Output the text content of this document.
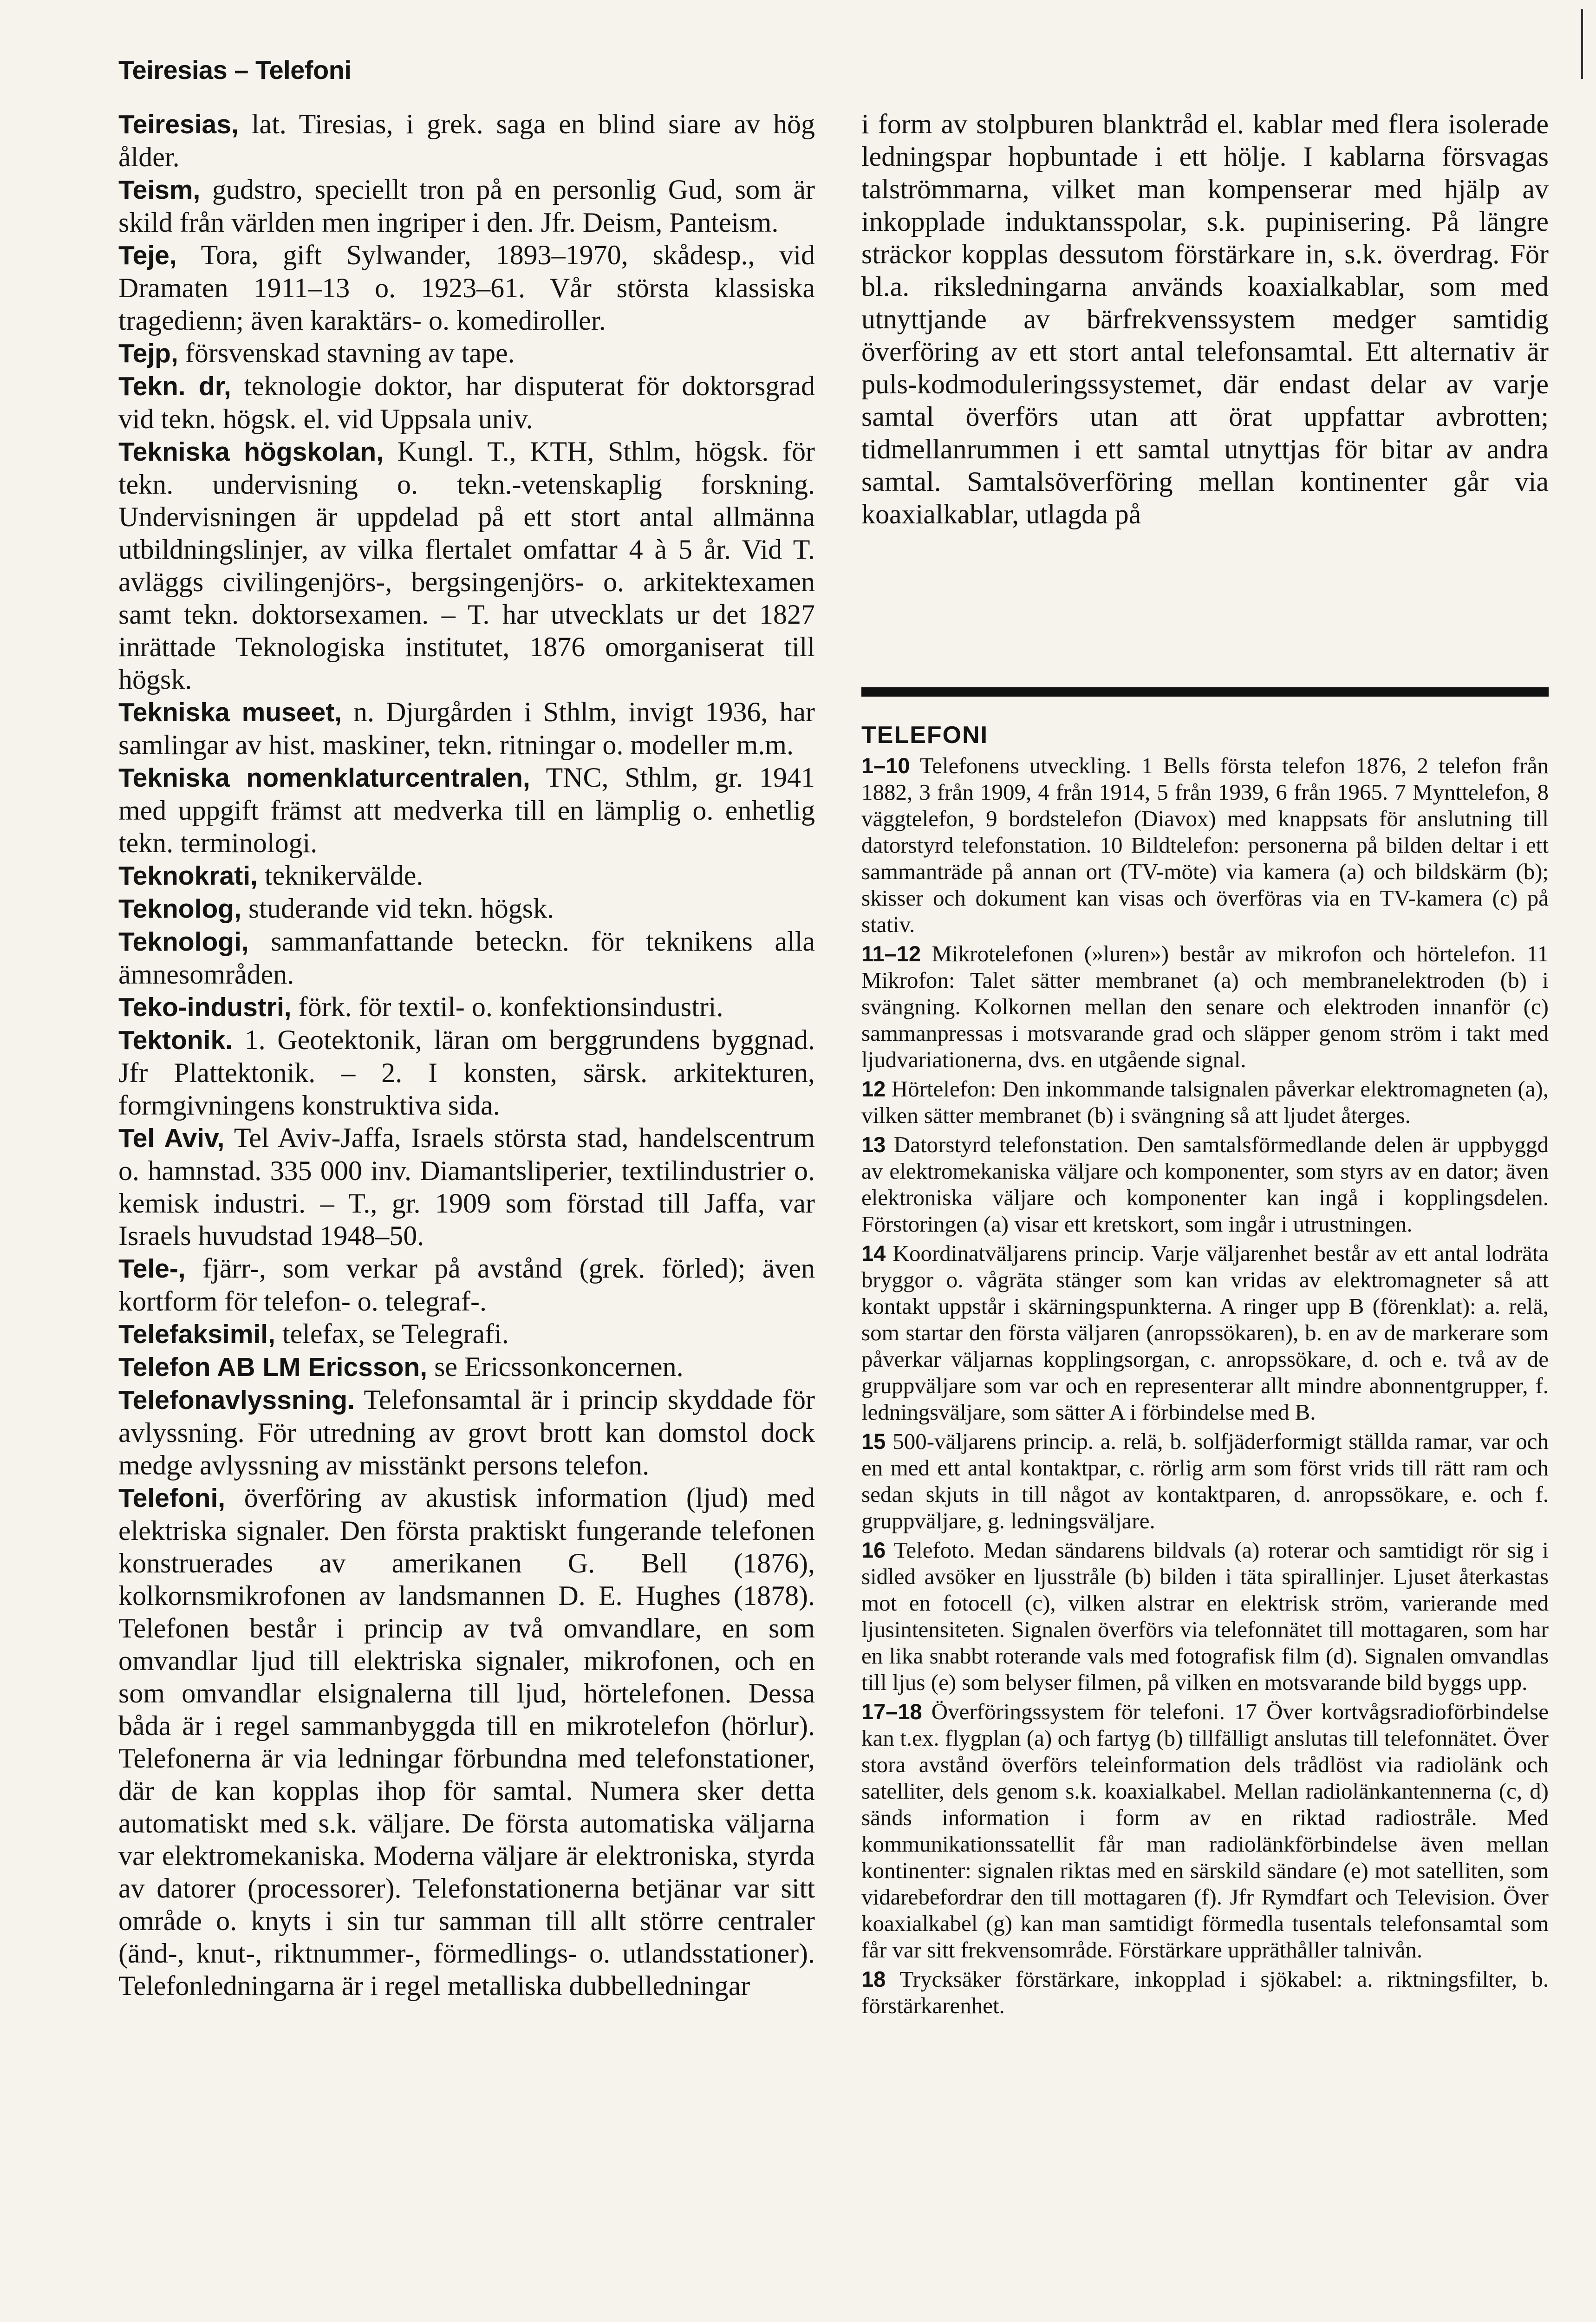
Teiresias – Telefoni

Teiresias, lat. Tiresias, i grek. saga en blind siare av hög ålder.

Teism, gudstro, speciellt tron på en personlig Gud, som är skild från världen men ingriper i den. Jfr. Deism, Panteism.

Teje, Tora, gift Sylwander, 1893–1970, skådesp., vid Dramaten 1911–13 o. 1923–61. Vår största klassiska tragedienn; även karaktärs- o. komediroller.

Tejp, försvenskad stavning av tape.

Tekn. dr, teknologie doktor, har disputerat för doktorsgrad vid tekn. högsk. el. vid Uppsala univ.

Tekniska högskolan, Kungl. T., KTH, Sthlm, högsk. för tekn. undervisning o. tekn.-vetenskaplig forskning. Undervisningen är uppdelad på ett stort antal allmänna utbildningslinjer, av vilka flertalet omfattar 4 à 5 år. Vid T. avläggs civilingenjörs-, bergsingenjörs- o. arkitektexamen samt tekn. doktorsexamen. – T. har utvecklats ur det 1827 inrättade Teknologiska institutet, 1876 omorganiserat till högsk.

Tekniska museet, n. Djurgården i Sthlm, invigt 1936, har samlingar av hist. maskiner, tekn. ritningar o. modeller m.m.

Tekniska nomenklaturcentralen, TNC, Sthlm, gr. 1941 med uppgift främst att medverka till en lämplig o. enhetlig tekn. terminologi.

Teknokrati, teknikervälde.

Teknolog, studerande vid tekn. högsk.

Teknologi, sammanfattande beteckn. för teknikens alla ämnesområden.

Teko-industri, förk. för textil- o. konfektionsindustri.

Tektonik. 1. Geotektonik, läran om berggrundens byggnad. Jfr Plattektonik. – 2. I konsten, särsk. arkitekturen, formgivningens konstruktiva sida.

Tel Aviv, Tel Aviv-Jaffa, Israels största stad, handelscentrum o. hamnstad. 335 000 inv. Diamantsliperier, textilindustrier o. kemisk industri. – T., gr. 1909 som förstad till Jaffa, var Israels huvudstad 1948–50.

Tele-, fjärr-, som verkar på avstånd (grek. förled); även kortform för telefon- o. telegraf-.

Telefaksimil, telefax, se Telegrafi.

Telefon AB LM Ericsson, se Ericssonkoncernen.

Telefonavlyssning. Telefonsamtal är i princip skyddade för avlyssning. För utredning av grovt brott kan domstol dock medge avlyssning av misstänkt persons telefon.

Telefoni, överföring av akustisk information (ljud) med elektriska signaler. Den första praktiskt fungerande telefonen konstruerades av amerikanen G. Bell (1876), kolkornsmikrofonen av landsmannen D. E. Hughes (1878). Telefonen består i princip av två omvandlare, en som omvandlar ljud till elektriska signaler, mikrofonen, och en som omvandlar elsignalerna till ljud, hörtelefonen. Dessa båda är i regel sammanbyggda till en mikrotelefon (hörlur). Telefonerna är via ledningar förbundna med telefonstationer, där de kan kopplas ihop för samtal. Numera sker detta automatiskt med s.k. väljare. De första automatiska väljarna var elektromekaniska. Moderna väljare är elektroniska, styrda av datorer (processorer). Telefonstationerna betjänar var sitt område o. knyts i sin tur samman till allt större centraler (änd-, knut-, riktnummer-, förmedlings- o. utlandsstationer). Telefonledningarna är i regel metalliska dubbelledningar

i form av stolpburen blanktråd el. kablar med flera isolerade ledningspar hopbuntade i ett hölje. I kablarna försvagas talströmmarna, vilket man kompenserar med hjälp av inkopplade induktansspolar, s.k. pupinisering. På längre sträckor kopplas dessutom förstärkare in, s.k. överdrag. För bl.a. riksledningarna används koaxialkablar, som med utnyttjande av bärfrekvenssystem medger samtidig överföring av ett stort antal telefonsamtal. Ett alternativ är puls-kodmoduleringssystemet, där endast delar av varje samtal överförs utan att örat uppfattar avbrotten; tidmellanrummen i ett samtal utnyttjas för bitar av andra samtal. Samtalsöverföring mellan kontinenter går via koaxialkablar, utlagda på

TELEFONI

1–10 Telefonens utveckling. 1 Bells första telefon 1876, 2 telefon från 1882, 3 från 1909, 4 från 1914, 5 från 1939, 6 från 1965. 7 Mynttelefon, 8 väggtelefon, 9 bordstelefon (Diavox) med knappsats för anslutning till datorstyrd telefonstation. 10 Bildtelefon: personerna på bilden deltar i ett sammanträde på annan ort (TV-möte) via kamera (a) och bildskärm (b); skisser och dokument kan visas och överföras via en TV-kamera (c) på stativ.

11–12 Mikrotelefonen (»luren») består av mikrofon och hörtelefon. 11 Mikrofon: Talet sätter membranet (a) och membranelektroden (b) i svängning. Kolkornen mellan den senare och elektroden innanför (c) sammanpressas i motsvarande grad och släpper genom ström i takt med ljudvariationerna, dvs. en utgående signal.

12 Hörtelefon: Den inkommande talsignalen påverkar elektromagneten (a), vilken sätter membranet (b) i svängning så att ljudet återges.

13 Datorstyrd telefonstation. Den samtalsförmedlande delen är uppbyggd av elektromekaniska väljare och komponenter, som styrs av en dator; även elektroniska väljare och komponenter kan ingå i kopplingsdelen. Förstoringen (a) visar ett kretskort, som ingår i utrustningen.

14 Koordinatväljarens princip. Varje väljarenhet består av ett antal lodräta bryggor o. vågräta stänger som kan vridas av elektromagneter så att kontakt uppstår i skärningspunkterna. A ringer upp B (förenklat): a. relä, som startar den första väljaren (anropssökaren), b. en av de markerare som påverkar väljarnas kopplingsorgan, c. anropssökare, d. och e. två av de gruppväljare som var och en representerar allt mindre abonnentgrupper, f. ledningsväljare, som sätter A i förbindelse med B.

15 500-väljarens princip. a. relä, b. solfjäderformigt ställda ramar, var och en med ett antal kontaktpar, c. rörlig arm som först vrids till rätt ram och sedan skjuts in till något av kontaktparen, d. anropssökare, e. och f. gruppväljare, g. ledningsväljare.

16 Telefoto. Medan sändarens bildvals (a) roterar och samtidigt rör sig i sidled avsöker en ljusstråle (b) bilden i täta spirallinjer. Ljuset återkastas mot en fotocell (c), vilken alstrar en elektrisk ström, varierande med ljusintensiteten. Signalen överförs via telefonnätet till mottagaren, som har en lika snabbt roterande vals med fotografisk film (d). Signalen omvandlas till ljus (e) som belyser filmen, på vilken en motsvarande bild byggs upp.

17–18 Överföringssystem för telefoni. 17 Över kortvågsradioförbindelse kan t.ex. flygplan (a) och fartyg (b) tillfälligt anslutas till telefonnätet. Över stora avstånd överförs teleinformation dels trådlöst via radiolänk och satelliter, dels genom s.k. koaxialkabel. Mellan radiolänkantennerna (c, d) sänds information i form av en riktad radiostråle. Med kommunikationssatellit får man radiolänkförbindelse även mellan kontinenter: signalen riktas med en särskild sändare (e) mot satelliten, som vidarebefordrar den till mottagaren (f). Jfr Rymdfart och Television. Över koaxialkabel (g) kan man samtidigt förmedla tusentals telefonsamtal som får var sitt frekvensområde. Förstärkare uppräthåller talnivån.

18 Trycksäker förstärkare, inkopplad i sjökabel: a. riktningsfilter, b. förstärkarenhet.
